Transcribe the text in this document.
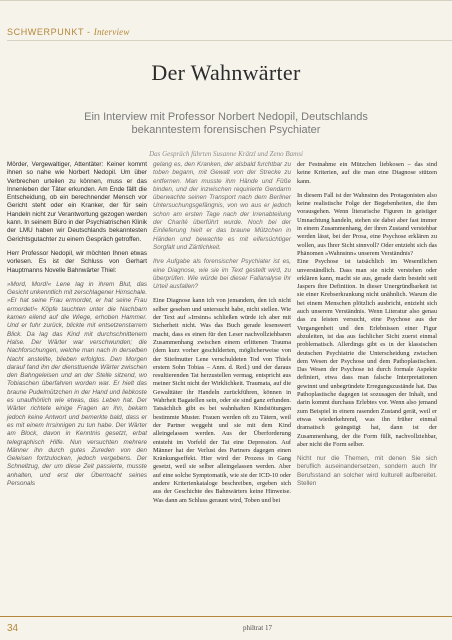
SCHWERPUNKT - Interview
Der Wahnwärter
Ein Interview mit Professor Norbert Nedopil, Deutschlands bekanntestem forensischen Psychiater
Das Gespräch führten Susanne Krätzl und Zeno Bamsi

Mörder, Vergewaltiger, Attentäter: Keiner kommt ihnen so nahe wie Norbert Nedopil. Um über Verbrechen urteilen zu können, muss er das Innenleben der Täter erkunden. Am Ende fällt die Entscheidung, ob ein berechnender Mensch vor Gericht steht oder ein Kranker, der für sein Handeln nicht zur Verantwortung gezogen werden kann. In seinem Büro in der Psychiatrischen Klinik der LMU haben wir Deutschlands bekanntesten Gerichtsgutachter zu einem Gespräch getroffen.

Herr Professor Nedopil, wir möchten Ihnen etwas vorlesen. Es ist der Schluss von Gerhart Hauptmanns Novelle Bahnwärter Thiel:

»Mord, Mord!« Lene lag in ihrem Blut, das Gesicht unkenntlich mit zerschlagener Hirnschale. »Er hat seine Frau ermordet, er hat seine Frau ermordet!« Köpfe tauchten unter die Nachbarn kamen eilend auf die Wiege, erhoben Hammer. Und er fuhr zurück, blickte mit entsetzenstarrem Blick. Da lag das Kind mit durchschnittenem Halse. Der Wärter war verschwunden; die Nachforschungen, welche man nach in derselben Nacht anstellte, blieben erfolglos. Den Morgen darauf fand ihn der diensttuende Wärter zwischen den Bahngeleisen und an der Stelle sitzend, wo Tobiaschen überfahren worden war. Er hielt das braune Pudelmützchen in der Hand und liebkoste es unaufhörlich wie etwas, das Leben hat. Der Wärter richtete einige Fragen an ihn, bekam jedoch keine Antwort und bemerkte bald, dass er es mit einem Irrsinnigen zu tun habe. Der Wärter am Block, davon in Kenntnis gesetzt, erbat telegraphisch Hilfe. Nun versuchten mehrere Männer ihn durch gutes Zureden von den Geleisen fortzulocken, jedoch vergebens. Der Schnellzug, der um diese Zeit passierte, musste anhalten, und erst der Übermacht seines Personals

gelang es, den Kranken, der alsbald furchtbar zu toben begann, mit Gewalt von der Strecke zu entfernen. Man musste ihm Hände und Füße binden, und der inzwischen requirierte Gendarm überwachte seinen Transport nach dem Berliner Untersuchungsgefängnis, von wo aus er jedoch schon am ersten Tage nach der Irrenabteilung der Charité überführt wurde. Noch bei der Einlieferung hielt er das braune Mützchen in Händen und bewachte es mit eifersüchtiger Sorgfalt und Zärtlichkeit.

Ihre Aufgabe als forensischer Psychiater ist es, eine Diagnose, wie sie im Text gestellt wird, zu überprüfen. Wie würde bei dieser Fallanalyse Ihr Urteil ausfallen?

Eine Diagnose kann ich von jemandem, den ich nicht selber gesehen und untersucht habe, nicht stellen. Wie der Text auf »Irrsinn« schließen würde ich aber mit Sicherheit nicht. Was das Buch gerade lesenswert macht, dass es einen für den Leser nachvollziehbaren Zusammenhang zwischen einem erlittenen Trauma (dem kurz vorher geschilderten, möglicherweise von der Stiefmutter Lene verschuldeten Tod von Thiels erstem Sohn Tobias – Anm. d. Red.) und der daraus resultierenden Tat herzustellen vermag, entspricht aus meiner Sicht nicht der Wirklichkeit. Traumata, auf die Gewalttäter ihr Handeln zurückführen, können in Wahrheit Bagatellen sein, oder sie sind ganz erfunden. Tatsächlich gibt es bei wahnhaften Kindstötungen bestimmte Muster. Frauen werden oft zu Tätern, weil der Partner weggeht und sie mit dem Kind alleingelassen werden. Aus der Überforderung entsteht im Vorfeld der Tat eine Depression. Auf Männer hat der Verlust des Partners dagegen einen Kränkungseffekt. Hier wird der Prozess in Gang gesetzt, weil sie selber alleingelassen werden. Aber auf eine solche Symptomatik, wie sie der ICD-10 oder andere Kriterienkataloge beschreiben, ergeben sich aus der Geschichte des Bahnwärters keine Hinweise. Was dann am Schluss geraunt wird, Toben und bei

der Festnahme ein Mützchen liebkosen – das sind keine Kriterien, auf die man eine Diagnose stützen kann.

In diesem Fall ist der Wahnsinn des Protagonisten also keine realistische Folge der Begebenheiten, die ihm vorausgehen. Wenn literarische Figuren in geistiger Umnachtung handeln, stehen sie dabei aber fast immer in einem Zusammenhang, der ihren Zustand verstehbar werden lässt, bei der Prosa, eine Psychose erklären zu wollen, aus Ihrer Sicht sinnvoll? Oder entzieht sich das Phänomen »Wahnsinn« unserem Verständnis?

Eine Psychose ist tatsächlich im Wesentlichen unverständlich. Dass man sie nicht verstehen oder erklären kann, macht sie aus, gerade darin besteht seit Jaspers ihre Definition. In dieser Unergründbarkeit ist sie einer Krebserkrankung nicht unähnlich. Warum die bei einem Menschen plötzlich ausbricht, entzieht sich auch unserem Verständnis. Wenn Literatur also genau das zu leisten versucht, eine Psychose aus der Vergangenheit und den Erlebnissen einer Figur abzuleiten, ist das aus fachlicher Sicht zuerst einmal problematisch. Allerdings gibt es in der klassischen deutschen Psychiatrie die Unterscheidung zwischen dem Wesen der Psychose und dem Pathoplastischen. Das Wesen der Psychose ist durch formale Aspekte definiert, etwa dass man falsche Interpretationen gewinnt und unbegründete Erregungszustände hat. Das Pathoplastische dagegen ist sozusagen der Inhalt, und darin kommt durchaus Erlebtes vor. Wenn also jemand zum Beispiel in einem rasenden Zustand gerät, weil er etwas wiederkehrend, was ihn früher einmal dramatisch geängstigt hat, dann ist der Zusammenhang, der die Form füllt, nachvollziehbar, aber nicht die Form selber.

Nicht nur die Themen, mit denen Sie sich beruflich auseinandersetzen, sondern auch Ihr Berufsstand an solcher wird kulturell aufbereitet. Stellen

34	philtrat 17
